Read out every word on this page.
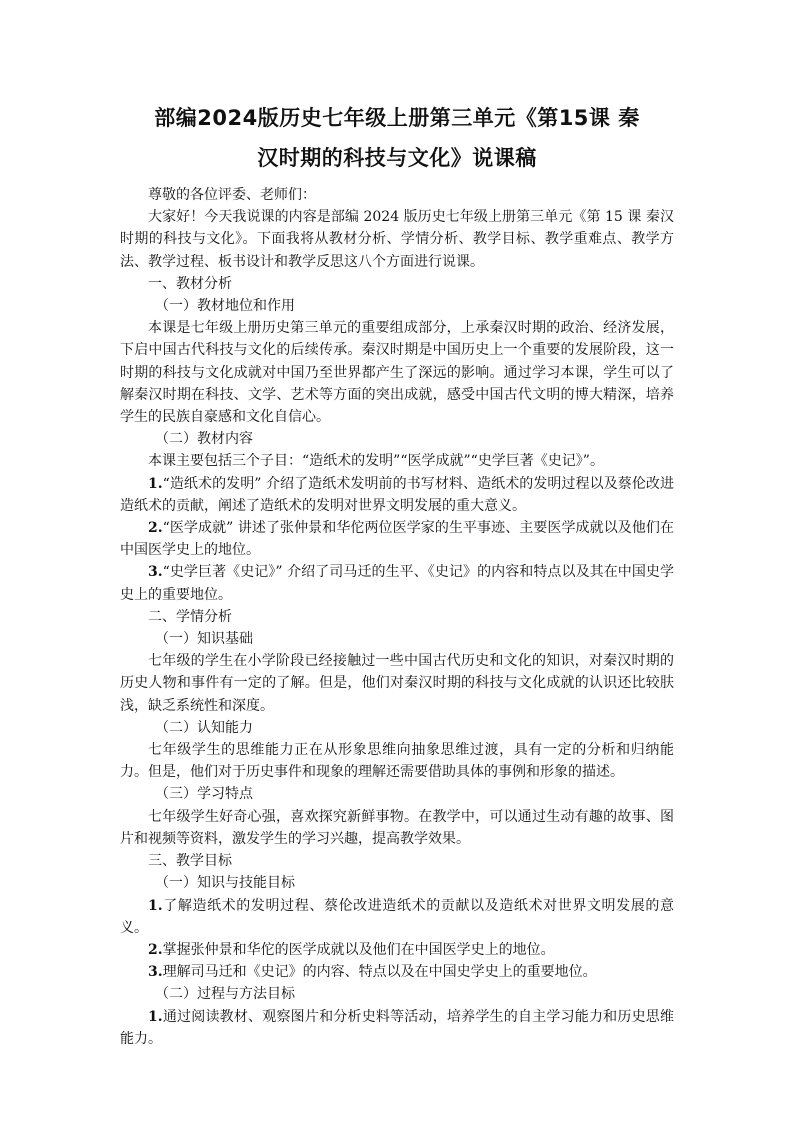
部编2024版历史七年级上册第三单元《第15课 秦
汉时期的科技与文化》说课稿

尊敬的各位评委、老师们：

大家好！今天我说课的内容是部编 2024 版历史七年级上册第三单元《第 15 课 秦汉时期的科技与文化》。下面我将从教材分析、学情分析、教学目标、教学重难点、教学方法、教学过程、板书设计和教学反思这八个方面进行说课。

一、教材分析

（一）教材地位和作用

本课是七年级上册历史第三单元的重要组成部分，上承秦汉时期的政治、经济发展，下启中国古代科技与文化的后续传承。秦汉时期是中国历史上一个重要的发展阶段，这一时期的科技与文化成就对中国乃至世界都产生了深远的影响。通过学习本课，学生可以了解秦汉时期在科技、文学、艺术等方面的突出成就，感受中国古代文明的博大精深，培养学生的民族自豪感和文化自信心。

（二）教材内容

本课主要包括三个子目：“造纸术的发明”“医学成就”“史学巨著《史记》”。

1.“造纸术的发明” 介绍了造纸术发明前的书写材料、造纸术的发明过程以及蔡伦改进造纸术的贡献，阐述了造纸术的发明对世界文明发展的重大意义。

2.“医学成就” 讲述了张仲景和华佗两位医学家的生平事迹、主要医学成就以及他们在中国医学史上的地位。

3.“史学巨著《史记》” 介绍了司马迁的生平、《史记》的内容和特点以及其在中国史学史上的重要地位。

二、学情分析

（一）知识基础

七年级的学生在小学阶段已经接触过一些中国古代历史和文化的知识，对秦汉时期的历史人物和事件有一定的了解。但是，他们对秦汉时期的科技与文化成就的认识还比较肤浅，缺乏系统性和深度。

（二）认知能力

七年级学生的思维能力正在从形象思维向抽象思维过渡，具有一定的分析和归纳能力。但是，他们对于历史事件和现象的理解还需要借助具体的事例和形象的描述。

（三）学习特点

七年级学生好奇心强，喜欢探究新鲜事物。在教学中，可以通过生动有趣的故事、图片和视频等资料，激发学生的学习兴趣，提高教学效果。

三、教学目标

（一）知识与技能目标

1.了解造纸术的发明过程、蔡伦改进造纸术的贡献以及造纸术对世界文明发展的意义。

2.掌握张仲景和华佗的医学成就以及他们在中国医学史上的地位。

3.理解司马迁和《史记》的内容、特点以及在中国史学史上的重要地位。

（二）过程与方法目标

1.通过阅读教材、观察图片和分析史料等活动，培养学生的自主学习能力和历史思维能力。
